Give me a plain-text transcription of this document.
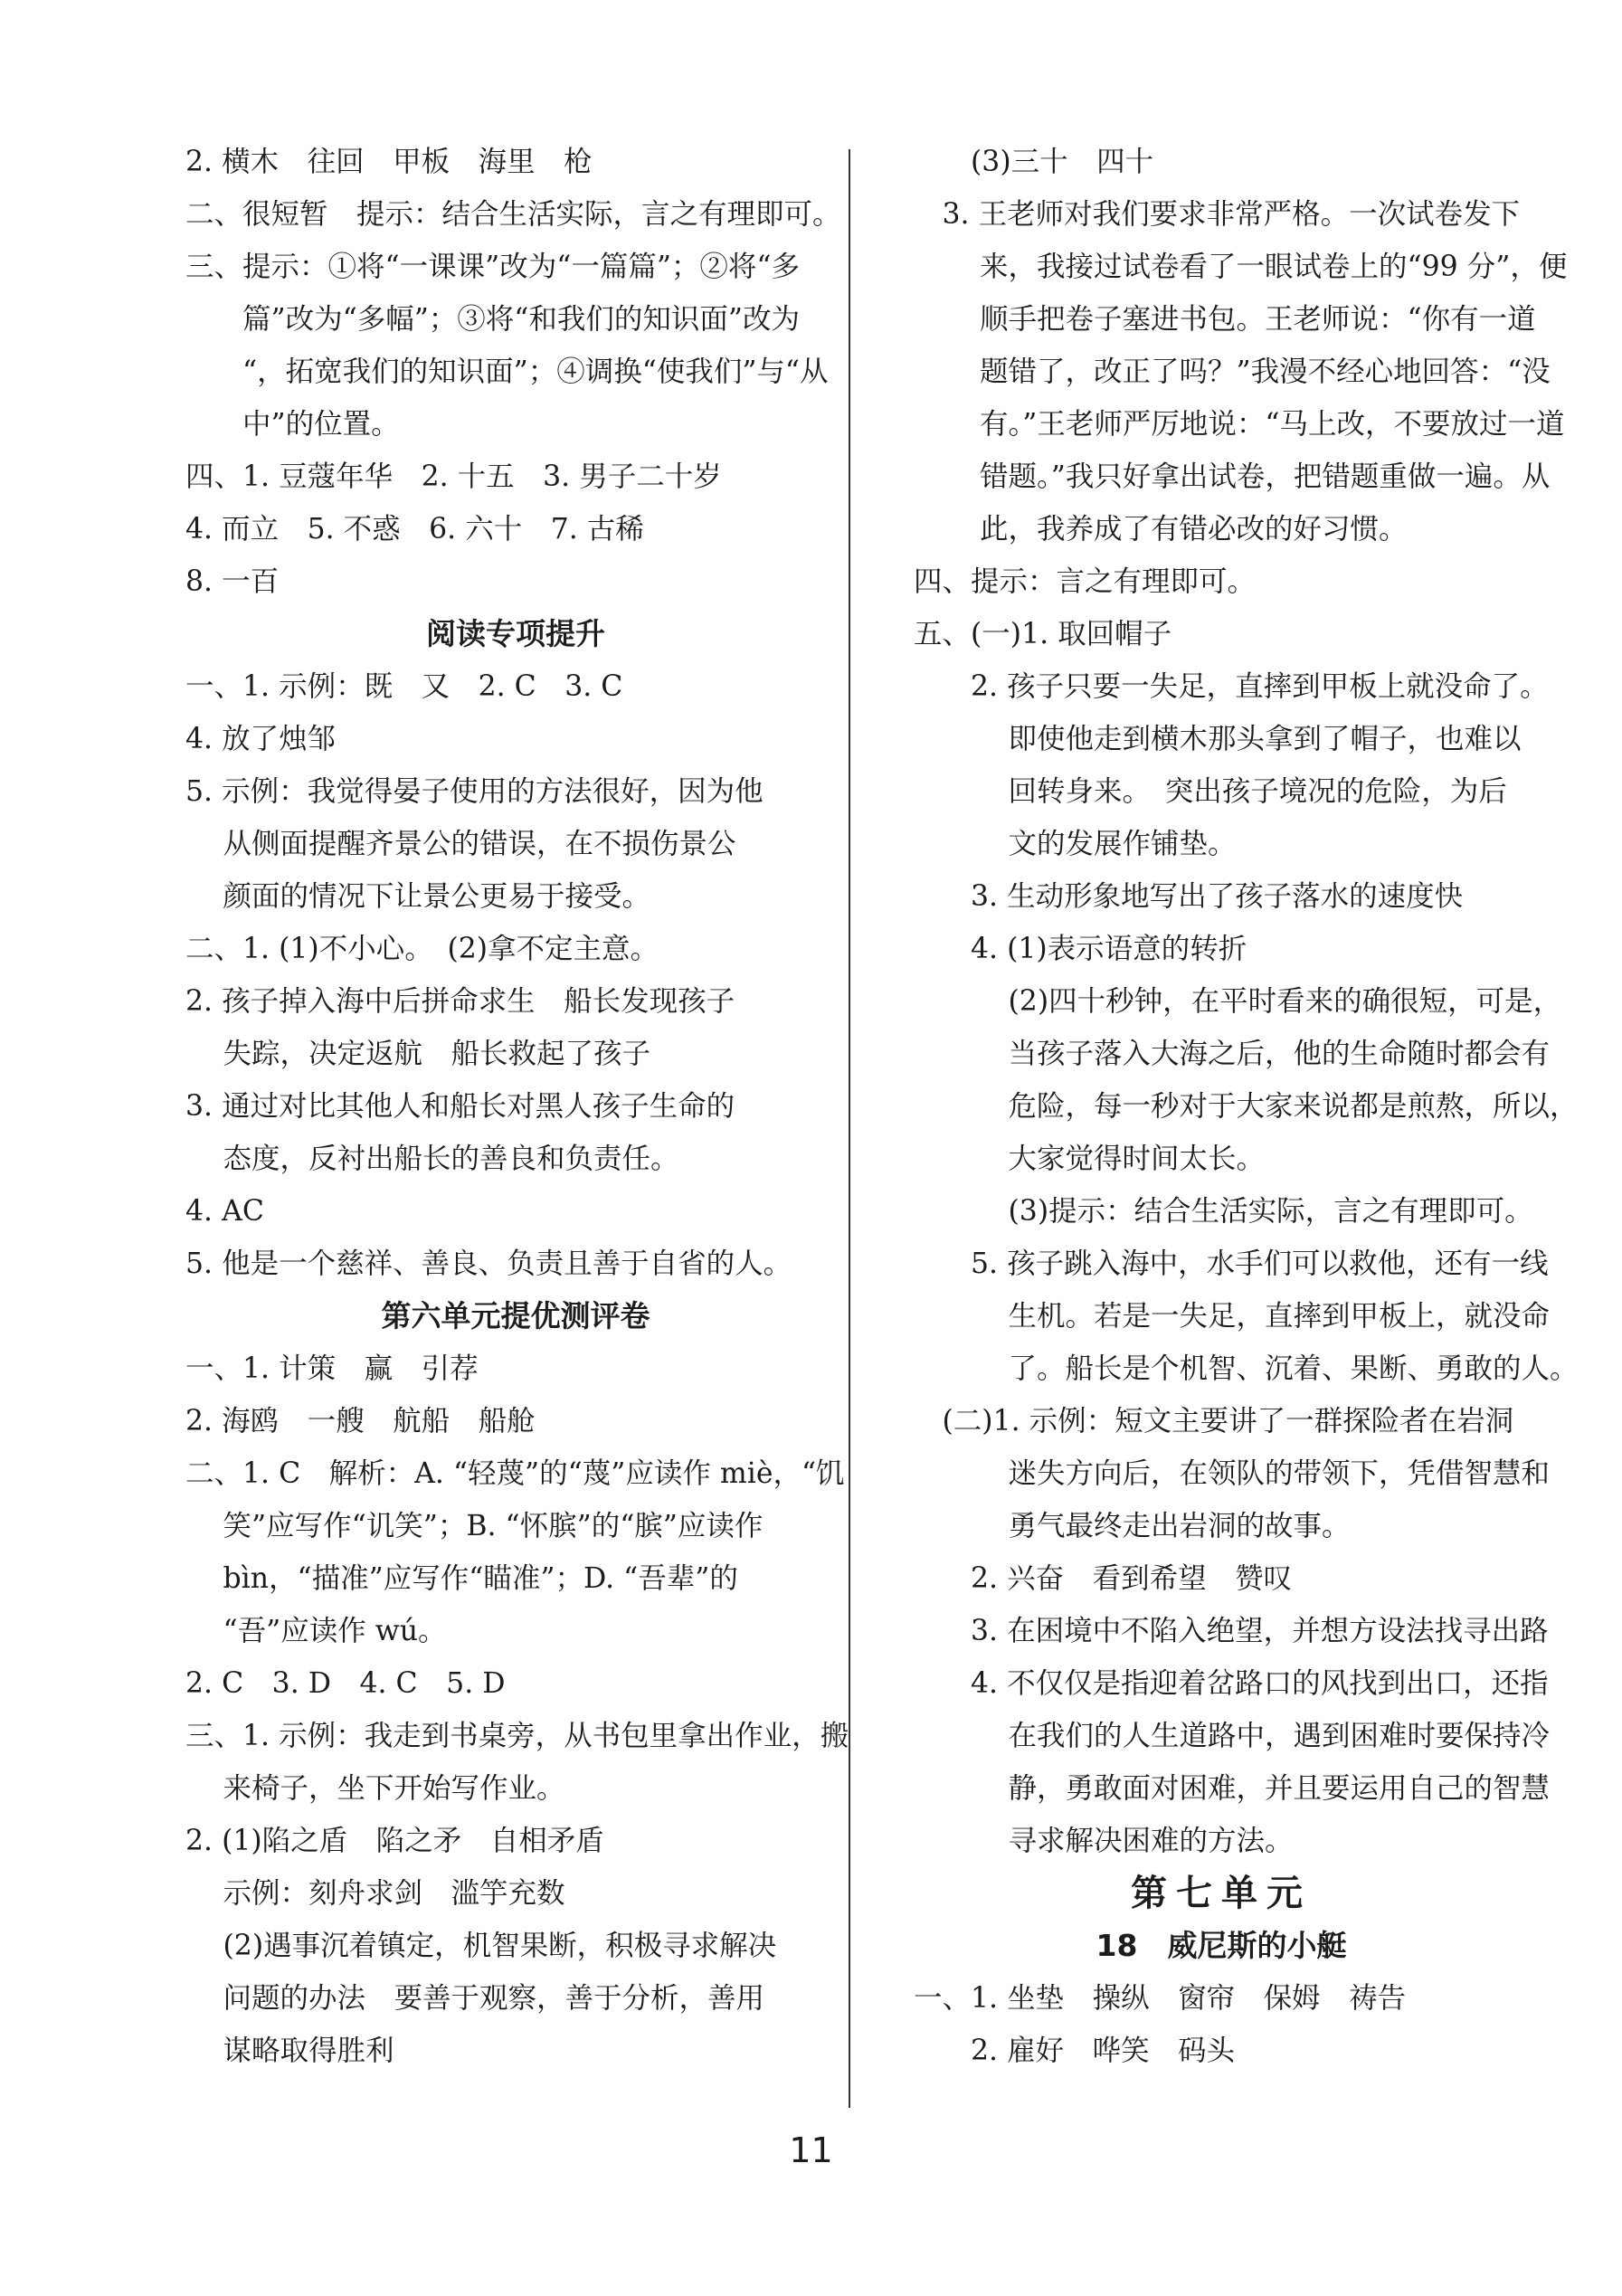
2. 横木　往回　甲板　海里　枪
二、很短暂　提示：结合生活实际，言之有理即可。
三、提示：①将“一课课”改为“一篇篇”；②将“多
　　篇”改为“多幅”；③将“和我们的知识面”改为
　　“，拓宽我们的知识面”；④调换“使我们”与“从
　　中”的位置。
四、1. 豆蔻年华　2. 十五　3. 男子二十岁
4. 而立　5. 不惑　6. 六十　7. 古稀
8. 一百
阅读专项提升
一、1. 示例：既　又　2. C　3. C
4. 放了烛邹
5. 示例：我觉得晏子使用的方法很好，因为他
　 从侧面提醒齐景公的错误，在不损伤景公
　 颜面的情况下让景公更易于接受。
二、1. (1)不小心。　(2)拿不定主意。
2. 孩子掉入海中后拼命求生　船长发现孩子
　 失踪，决定返航　船长救起了孩子
3. 通过对比其他人和船长对黑人孩子生命的
　 态度，反衬出船长的善良和负责任。
4. AC
5. 他是一个慈祥、善良、负责且善于自省的人。
第六单元提优测评卷
一、1. 计策　赢　引荐
2. 海鸥　一艘　航船　船舱
二、1. C　解析：A. “轻蔑”的“蔑”应读作 miè，“饥
　 笑”应写作“讥笑”；B. “怀膑”的“膑”应读作
　 bìn，“描准”应写作“瞄准”；D. “吾辈”的
　 “吾”应读作 wú。
2. C　3. D　4. C　5. D
三、1. 示例：我走到书桌旁，从书包里拿出作业，搬
　 来椅子，坐下开始写作业。
2. (1)陷之盾　陷之矛　自相矛盾
　 示例：刻舟求剑　滥竽充数
　 (2)遇事沉着镇定，机智果断，积极寻求解决
　 问题的办法　要善于观察，善于分析，善用
　 谋略取得胜利
　　(3)三十　四十
　3. 王老师对我们要求非常严格。一次试卷发下
　　 来，我接过试卷看了一眼试卷上的“99 分”，便
　　 顺手把卷子塞进书包。王老师说：“你有一道
　　 题错了，改正了吗？”我漫不经心地回答：“没
　　 有。”王老师严厉地说：“马上改，不要放过一道
　　 错题。”我只好拿出试卷，把错题重做一遍。从
　　 此，我养成了有错必改的好习惯。
四、提示：言之有理即可。
五、(一)1. 取回帽子
　　2. 孩子只要一失足，直摔到甲板上就没命了。
　　　 即使他走到横木那头拿到了帽子，也难以
　　　 回转身来。　突出孩子境况的危险，为后
　　　 文的发展作铺垫。
　　3. 生动形象地写出了孩子落水的速度快
　　4. (1)表示语意的转折
　　　 (2)四十秒钟，在平时看来的确很短，可是，
　　　 当孩子落入大海之后，他的生命随时都会有
　　　 危险，每一秒对于大家来说都是煎熬，所以，
　　　 大家觉得时间太长。
　　　 (3)提示：结合生活实际，言之有理即可。
　　5. 孩子跳入海中，水手们可以救他，还有一线
　　　 生机。若是一失足，直摔到甲板上，就没命
　　　 了。船长是个机智、沉着、果断、勇敢的人。
　(二)1. 示例：短文主要讲了一群探险者在岩洞
　　　 迷失方向后，在领队的带领下，凭借智慧和
　　　 勇气最终走出岩洞的故事。
　　2. 兴奋　看到希望　赞叹
　　3. 在困境中不陷入绝望，并想方设法找寻出路
　　4. 不仅仅是指迎着岔路口的风找到出口，还指
　　　 在我们的人生道路中，遇到困难时要保持冷
　　　 静，勇敢面对困难，并且要运用自己的智慧
　　　 寻求解决困难的方法。
第七单元
18　威尼斯的小艇
一、1. 坐垫　操纵　窗帘　保姆　祷告
　　2. 雇好　哗笑　码头
11
